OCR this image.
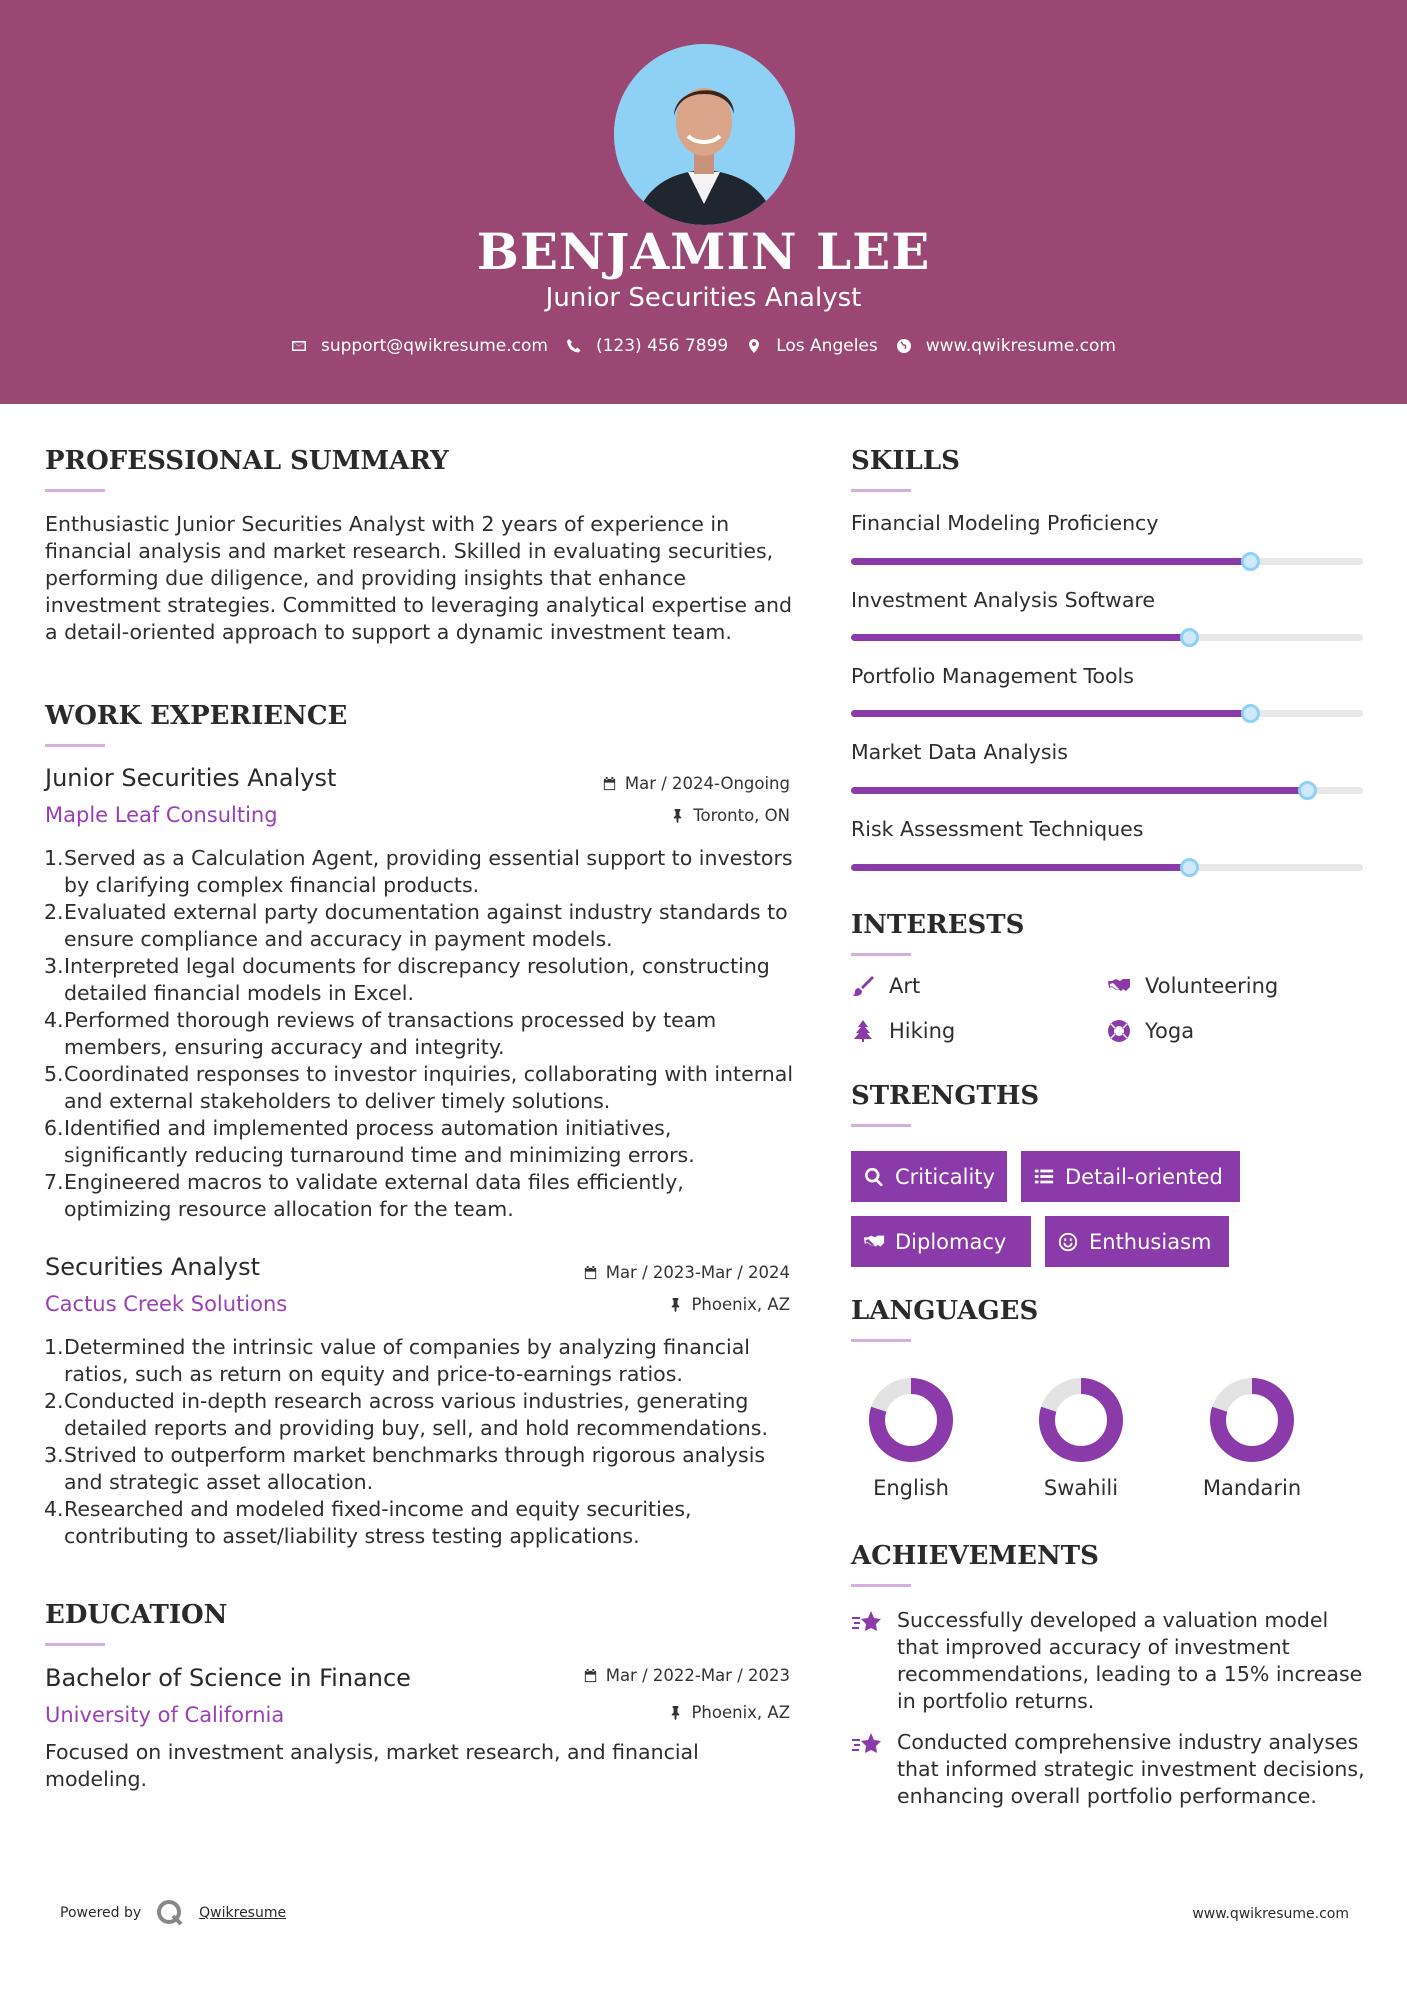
BENJAMIN LEE
Junior Securities Analyst
support@qwikresume.com	(123) 456 7899	Los Angeles	www.qwikresume.com
PROFESSIONAL SUMMARY
Enthusiastic Junior Securities Analyst with 2 years of experience in financial analysis and market research. Skilled in evaluating securities, performing due diligence, and providing insights that enhance investment strategies. Committed to leveraging analytical expertise and a detail-oriented approach to support a dynamic investment team.
WORK EXPERIENCE
Junior Securities Analyst	Mar / 2024-Ongoing
Maple Leaf Consulting	Toronto, ON
1. Served as a Calculation Agent, providing essential support to investors by clarifying complex financial products.
2. Evaluated external party documentation against industry standards to ensure compliance and accuracy in payment models.
3. Interpreted legal documents for discrepancy resolution, constructing detailed financial models in Excel.
4. Performed thorough reviews of transactions processed by team members, ensuring accuracy and integrity.
5. Coordinated responses to investor inquiries, collaborating with internal and external stakeholders to deliver timely solutions.
6. Identified and implemented process automation initiatives, significantly reducing turnaround time and minimizing errors.
7. Engineered macros to validate external data files efficiently, optimizing resource allocation for the team.
Securities Analyst	Mar / 2023-Mar / 2024
Cactus Creek Solutions	Phoenix, AZ
1. Determined the intrinsic value of companies by analyzing financial ratios, such as return on equity and price-to-earnings ratios.
2. Conducted in-depth research across various industries, generating detailed reports and providing buy, sell, and hold recommendations.
3. Strived to outperform market benchmarks through rigorous analysis and strategic asset allocation.
4. Researched and modeled fixed-income and equity securities, contributing to asset/liability stress testing applications.
EDUCATION
Bachelor of Science in Finance	Mar / 2022-Mar / 2023
University of California	Phoenix, AZ
Focused on investment analysis, market research, and financial modeling.
SKILLS
Financial Modeling Proficiency
Investment Analysis Software
Portfolio Management Tools
Market Data Analysis
Risk Assessment Techniques
INTERESTS
Art	Volunteering
Hiking	Yoga
STRENGTHS
Criticality	Detail-oriented
Diplomacy	Enthusiasm
LANGUAGES
English	Swahili	Mandarin
ACHIEVEMENTS
Successfully developed a valuation model that improved accuracy of investment recommendations, leading to a 15% increase in portfolio returns.
Conducted comprehensive industry analyses that informed strategic investment decisions, enhancing overall portfolio performance.
Powered by	Qwikresume	www.qwikresume.com
